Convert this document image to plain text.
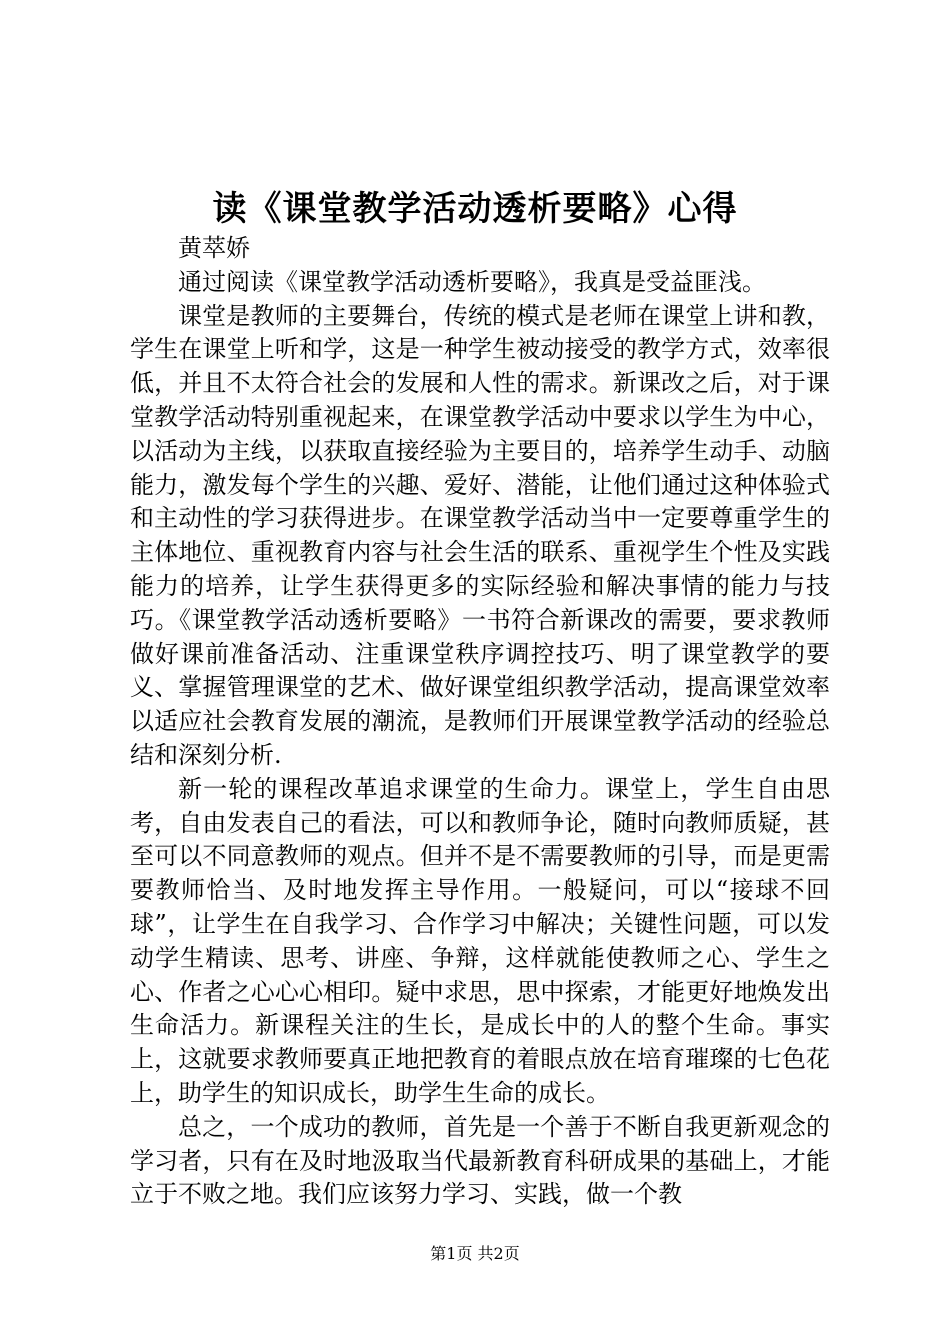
读《课堂教学活动透析要略》心得

黄萃娇

通过阅读《课堂教学活动透析要略》，我真是受益匪浅。

课堂是教师的主要舞台，传统的模式是老师在课堂上讲和教，学生在课堂上听和学，这是一种学生被动接受的教学方式，效率很低，并且不太符合社会的发展和人性的需求。新课改之后，对于课堂教学活动特别重视起来，在课堂教学活动中要求以学生为中心，以活动为主线，以获取直接经验为主要目的，培养学生动手、动脑能力，激发每个学生的兴趣、爱好、潜能，让他们通过这种体验式和主动性的学习获得进步。在课堂教学活动当中一定要尊重学生的主体地位、重视教育内容与社会生活的联系、重视学生个性及实践能力的培养，让学生获得更多的实际经验和解决事情的能力与技巧。《课堂教学活动透析要略》一书符合新课改的需要，要求教师做好课前准备活动、注重课堂秩序调控技巧、明了课堂教学的要义、掌握管理课堂的艺术、做好课堂组织教学活动，提高课堂效率以适应社会教育发展的潮流，是教师们开展课堂教学活动的经验总结和深刻分析.

新一轮的课程改革追求课堂的生命力。课堂上，学生自由思考，自由发表自己的看法，可以和教师争论，随时向教师质疑，甚至可以不同意教师的观点。但并不是不需要教师的引导，而是更需要教师恰当、及时地发挥主导作用。一般疑问，可以“接球不回球”，让学生在自我学习、合作学习中解决；关键性问题，可以发动学生精读、思考、讲座、争辩，这样就能使教师之心、学生之心、作者之心心心相印。疑中求思，思中探索，才能更好地焕发出生命活力。新课程关注的生长，是成长中的人的整个生命。事实上，这就要求教师要真正地把教育的着眼点放在培育璀璨的七色花上，助学生的知识成长，助学生生命的成长。

总之，一个成功的教师，首先是一个善于不断自我更新观念的学习者，只有在及时地汲取当代最新教育科研成果的基础上，才能立于不败之地。我们应该努力学习、实践，做一个教

第1页 共2页
